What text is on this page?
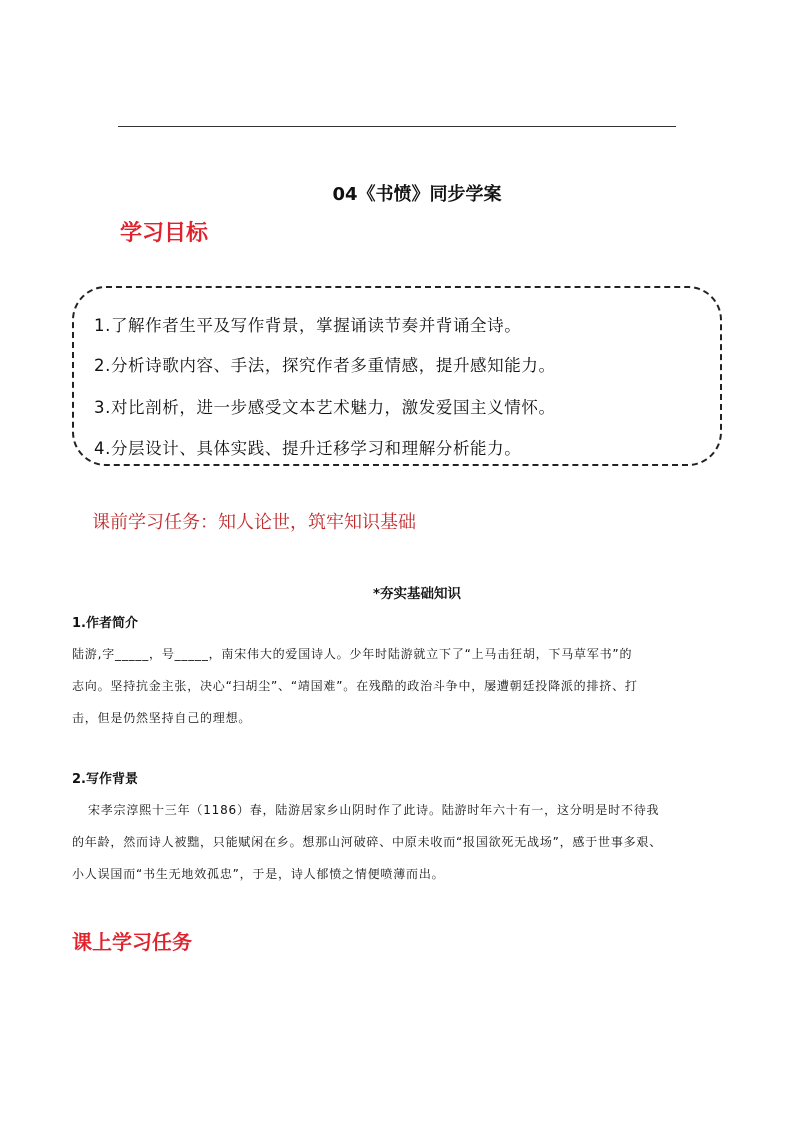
04《书愤》同步学案
学习目标
1.了解作者生平及写作背景，掌握诵读节奏并背诵全诗。
2.分析诗歌内容、手法，探究作者多重情感，提升感知能力。
3.对比剖析，进一步感受文本艺术魅力，激发爱国主义情怀。
4.分层设计、具体实践、提升迁移学习和理解分析能力。
课前学习任务：知人论世，筑牢知识基础
*夯实基础知识
1.作者简介

陆游,字_____，号_____，南宋伟大的爱国诗人。少年时陆游就立下了“上马击狂胡，下马草军书”的

志向。坚持抗金主张，决心“扫胡尘”、“靖国难”。在残酷的政治斗争中，屡遭朝廷投降派的排挤、打

击，但是仍然坚持自己的理想。

2.写作背景

宋孝宗淳熙十三年（1186）春，陆游居家乡山阴时作了此诗。陆游时年六十有一，这分明是时不待我

的年龄，然而诗人被黜，只能赋闲在乡。想那山河破碎、中原未收而“报国欲死无战场”，感于世事多艰、

小人误国而“书生无地效孤忠”，于是，诗人郁愤之情便喷薄而出。

课上学习任务
